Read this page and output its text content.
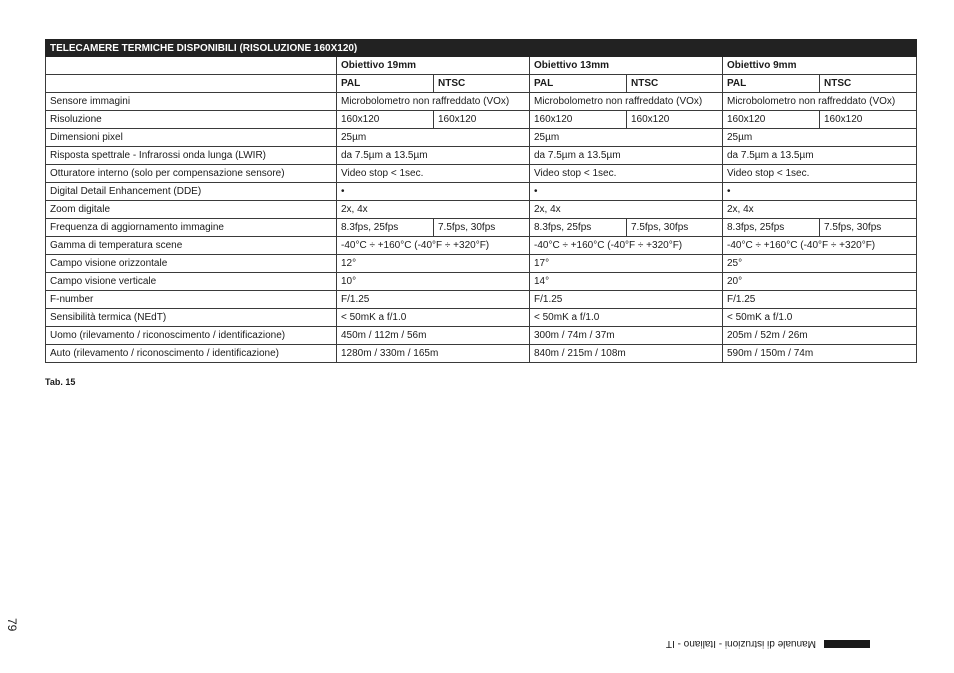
TELECAMERE TERMICHE DISPONIBILI (RISOLUZIONE 160X120)						
	Obiettivo 19mm		Obiettivo 13mm		Obiettivo 9mm	
	PAL	NTSC	PAL	NTSC	PAL	NTSC
Sensore immagini	Microbolometro non raffreddato (VOx)		Microbolometro non raffreddato (VOx)		Microbolometro non raffreddato (VOx)	
Risoluzione	160x120	160x120	160x120	160x120	160x120	160x120
Dimensioni pixel	25µm		25µm		25µm	
Risposta spettrale - Infrarossi onda lunga (LWIR)	da 7.5µm a 13.5µm		da 7.5µm a 13.5µm		da 7.5µm a 13.5µm	
Otturatore interno (solo per compensazione sensore)	Video stop < 1sec.		Video stop < 1sec.		Video stop < 1sec.	
Digital Detail Enhancement (DDE)	•		•		•	
Zoom digitale	2x, 4x		2x, 4x		2x, 4x	
Frequenza di aggiornamento immagine	8.3fps, 25fps	7.5fps, 30fps	8.3fps, 25fps	7.5fps, 30fps	8.3fps, 25fps	7.5fps, 30fps
Gamma di temperatura scene	-40°C ÷ +160°C (-40°F ÷ +320°F)		-40°C ÷ +160°C (-40°F ÷ +320°F)		-40°C ÷ +160°C (-40°F ÷ +320°F)	
Campo visione orizzontale	12°		17°		25°	
Campo visione verticale	10°		14°		20°	
F-number	F/1.25		F/1.25		F/1.25	
Sensibilità termica (NEdT)	< 50mK a f/1.0		< 50mK a f/1.0		< 50mK a f/1.0	
Uomo (rilevamento / riconoscimento / identificazione)	450m / 112m / 56m		300m / 74m / 37m		205m / 52m / 26m	
Auto (rilevamento / riconoscimento / identificazione)	1280m / 330m / 165m		840m / 215m / 108m		590m / 150m / 74m	
Tab. 15
79
Manuale di istruzioni - Italiano - IT
